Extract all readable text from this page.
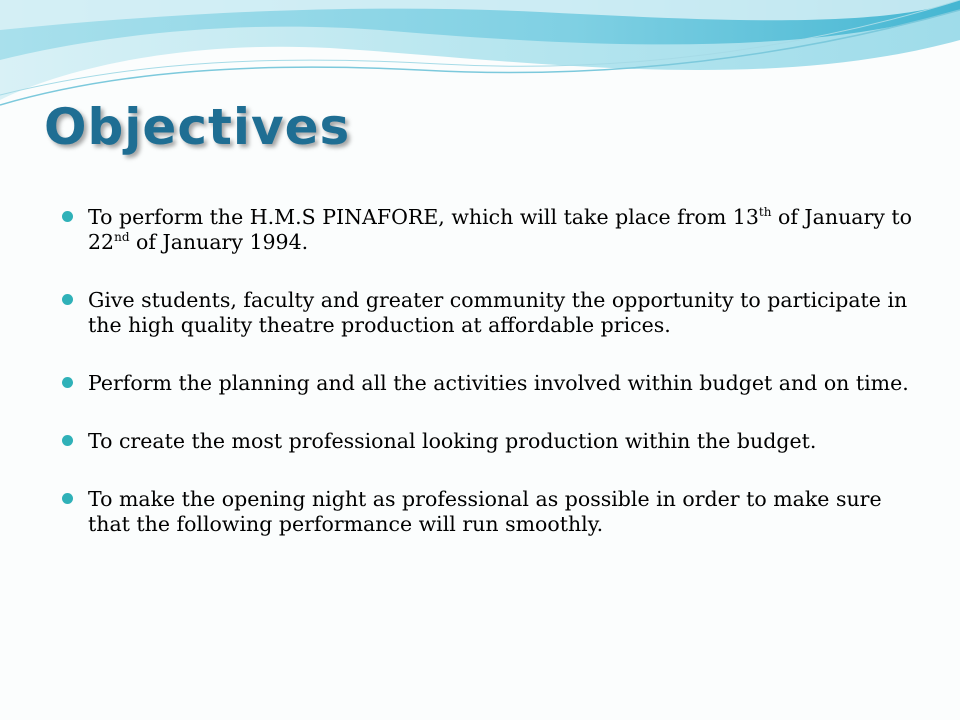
Objectives
To perform the H.M.S PINAFORE, which will take place from 13th of January to 22nd of January 1994.
Give students, faculty and greater community the opportunity to participate in the high quality theatre production at affordable prices.
Perform the planning and all the activities involved within budget and on time.
To create the most professional looking production within the budget.
To make the opening night as professional as possible in order to make sure that the following performance will run smoothly.
